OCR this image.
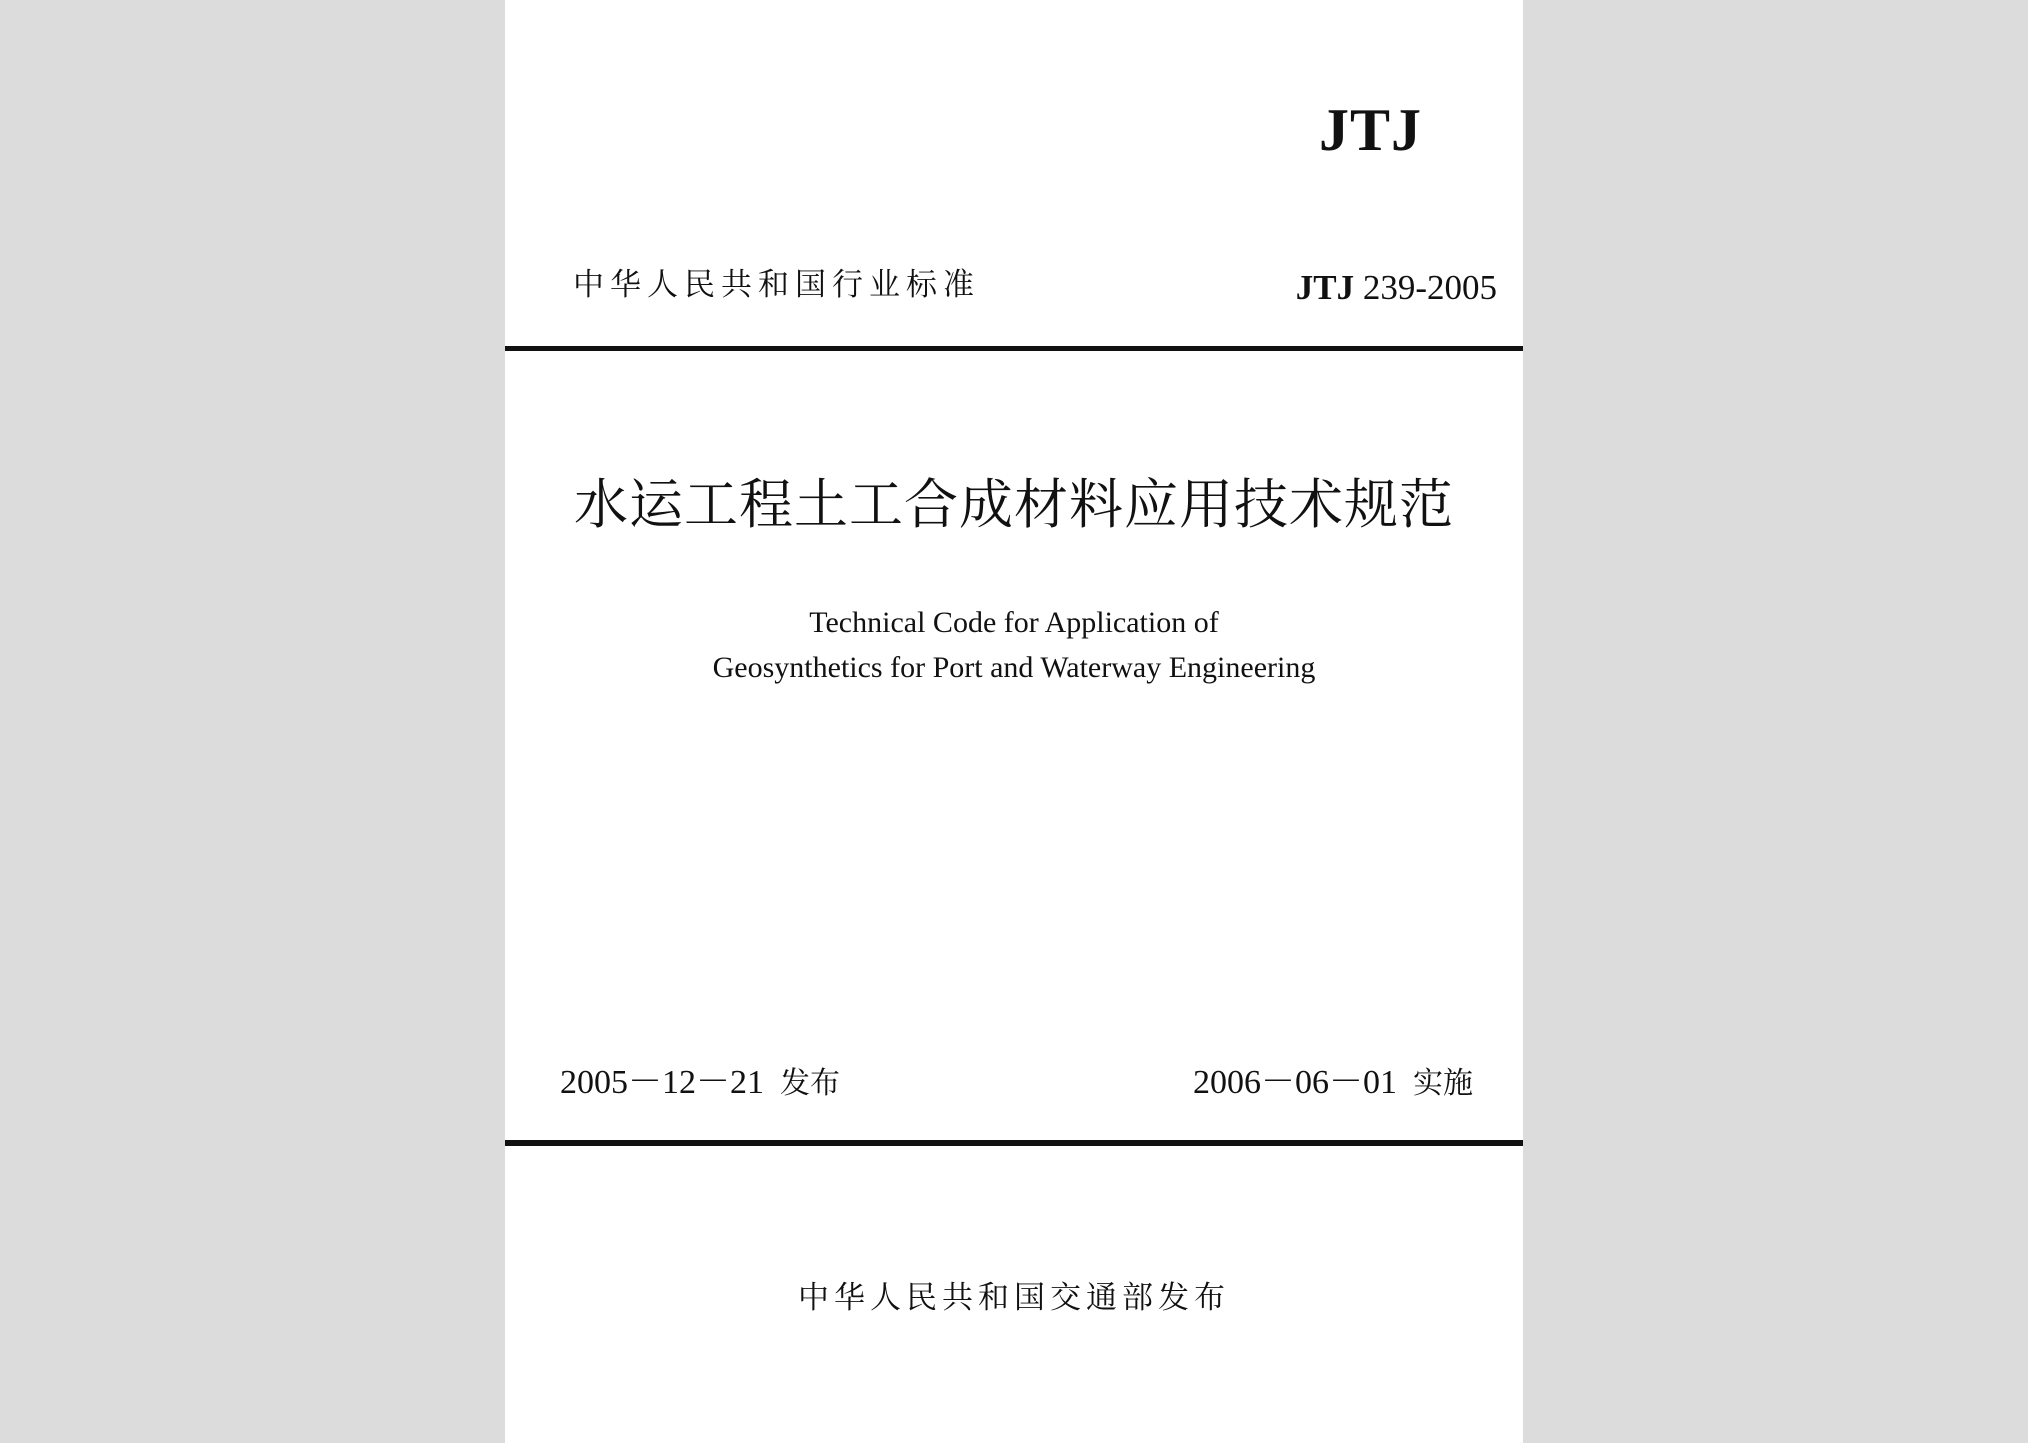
JTJ
中华人民共和国行业标准	JTJ 239-2005
水运工程土工合成材料应用技术规范
Technical Code for Application of
Geosynthetics for Port and Waterway Engineering
2005－12－21 发布	2006－06－01 实施
中华人民共和国交通部发布
